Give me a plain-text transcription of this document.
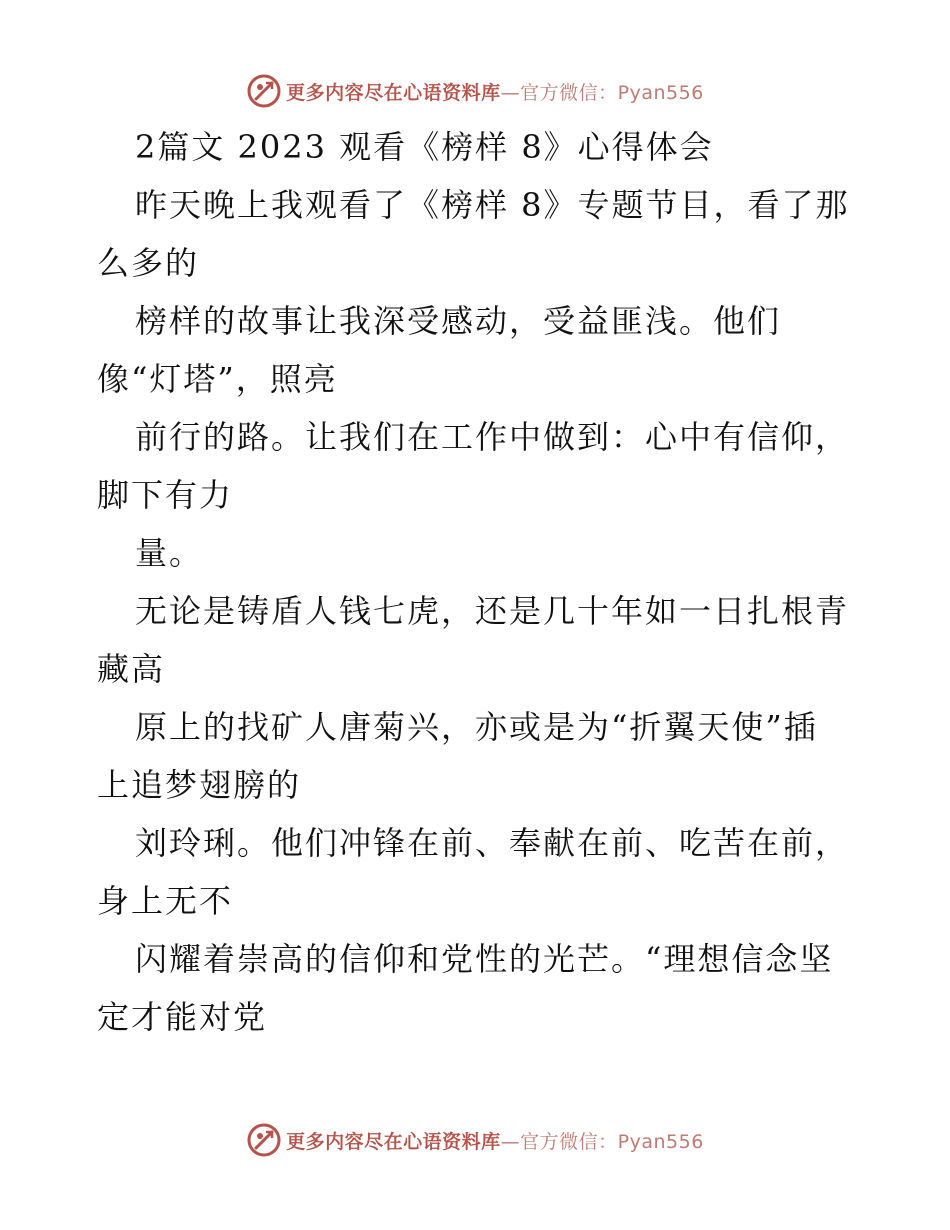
更多内容尽在心语资料库—官方微信：Pyan556
2篇文 2023 观看《榜样 8》心得体会
昨天晚上我观看了《榜样 8》专题节目，看了那
么多的
榜样的故事让我深受感动，受益匪浅。他们
像“灯塔”，照亮
前行的路。让我们在工作中做到：心中有信仰，
脚下有力
量。
无论是铸盾人钱七虎，还是几十年如一日扎根青
藏高
原上的找矿人唐菊兴，亦或是为“折翼天使”插
上追梦翅膀的
刘玲琍。他们冲锋在前、奉献在前、吃苦在前，
身上无不
闪耀着崇高的信仰和党性的光芒。“理想信念坚
定才能对党
更多内容尽在心语资料库—官方微信：Pyan556
